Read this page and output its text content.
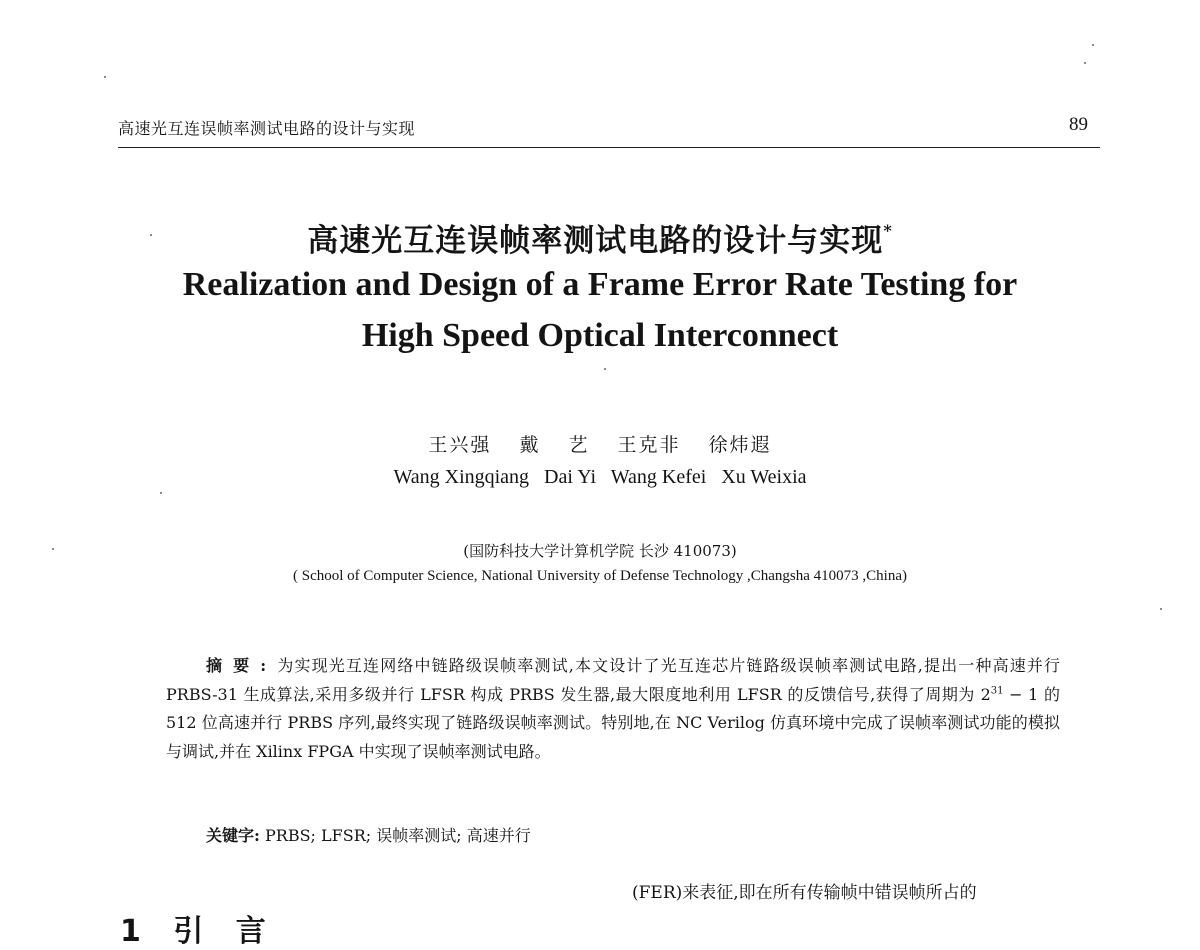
高速光互连误帧率测试电路的设计与实现	89
高速光互连误帧率测试电路的设计与实现*
Realization and Design of a Frame Error Rate Testing for
High Speed Optical Interconnect
王兴强 戴 艺 王克非 徐炜遐
Wang Xingqiang   Dai Yi   Wang Kefei   Xu Weixia
(国防科技大学计算机学院 长沙 410073)
( School of Computer Science, National University of Defense Technology ,Changsha 410073 ,China)

摘要:为实现光互连网络中链路级误帧率测试,本文设计了光互连芯片链路级误帧率测试电路,提出一种高速并行 PRBS-31 生成算法,采用多级并行 LFSR 构成 PRBS 发生器,最大限度地利用 LFSR 的反馈信号,获得了周期为 $2^{31} - 1$ 的 512 位高速并行 PRBS 序列,最终实现了链路级误帧率测试。特别地,在 NC Verilog 仿真环境中完成了误帧率测试功能的模拟与调试,并在 Xilinx FPGA 中实现了误帧率测试电路。

关键字: PRBS; LFSR; 误帧率测试; 高速并行
(FER)来表征,即在所有传输帧中错误帧所占的
1 引 言
